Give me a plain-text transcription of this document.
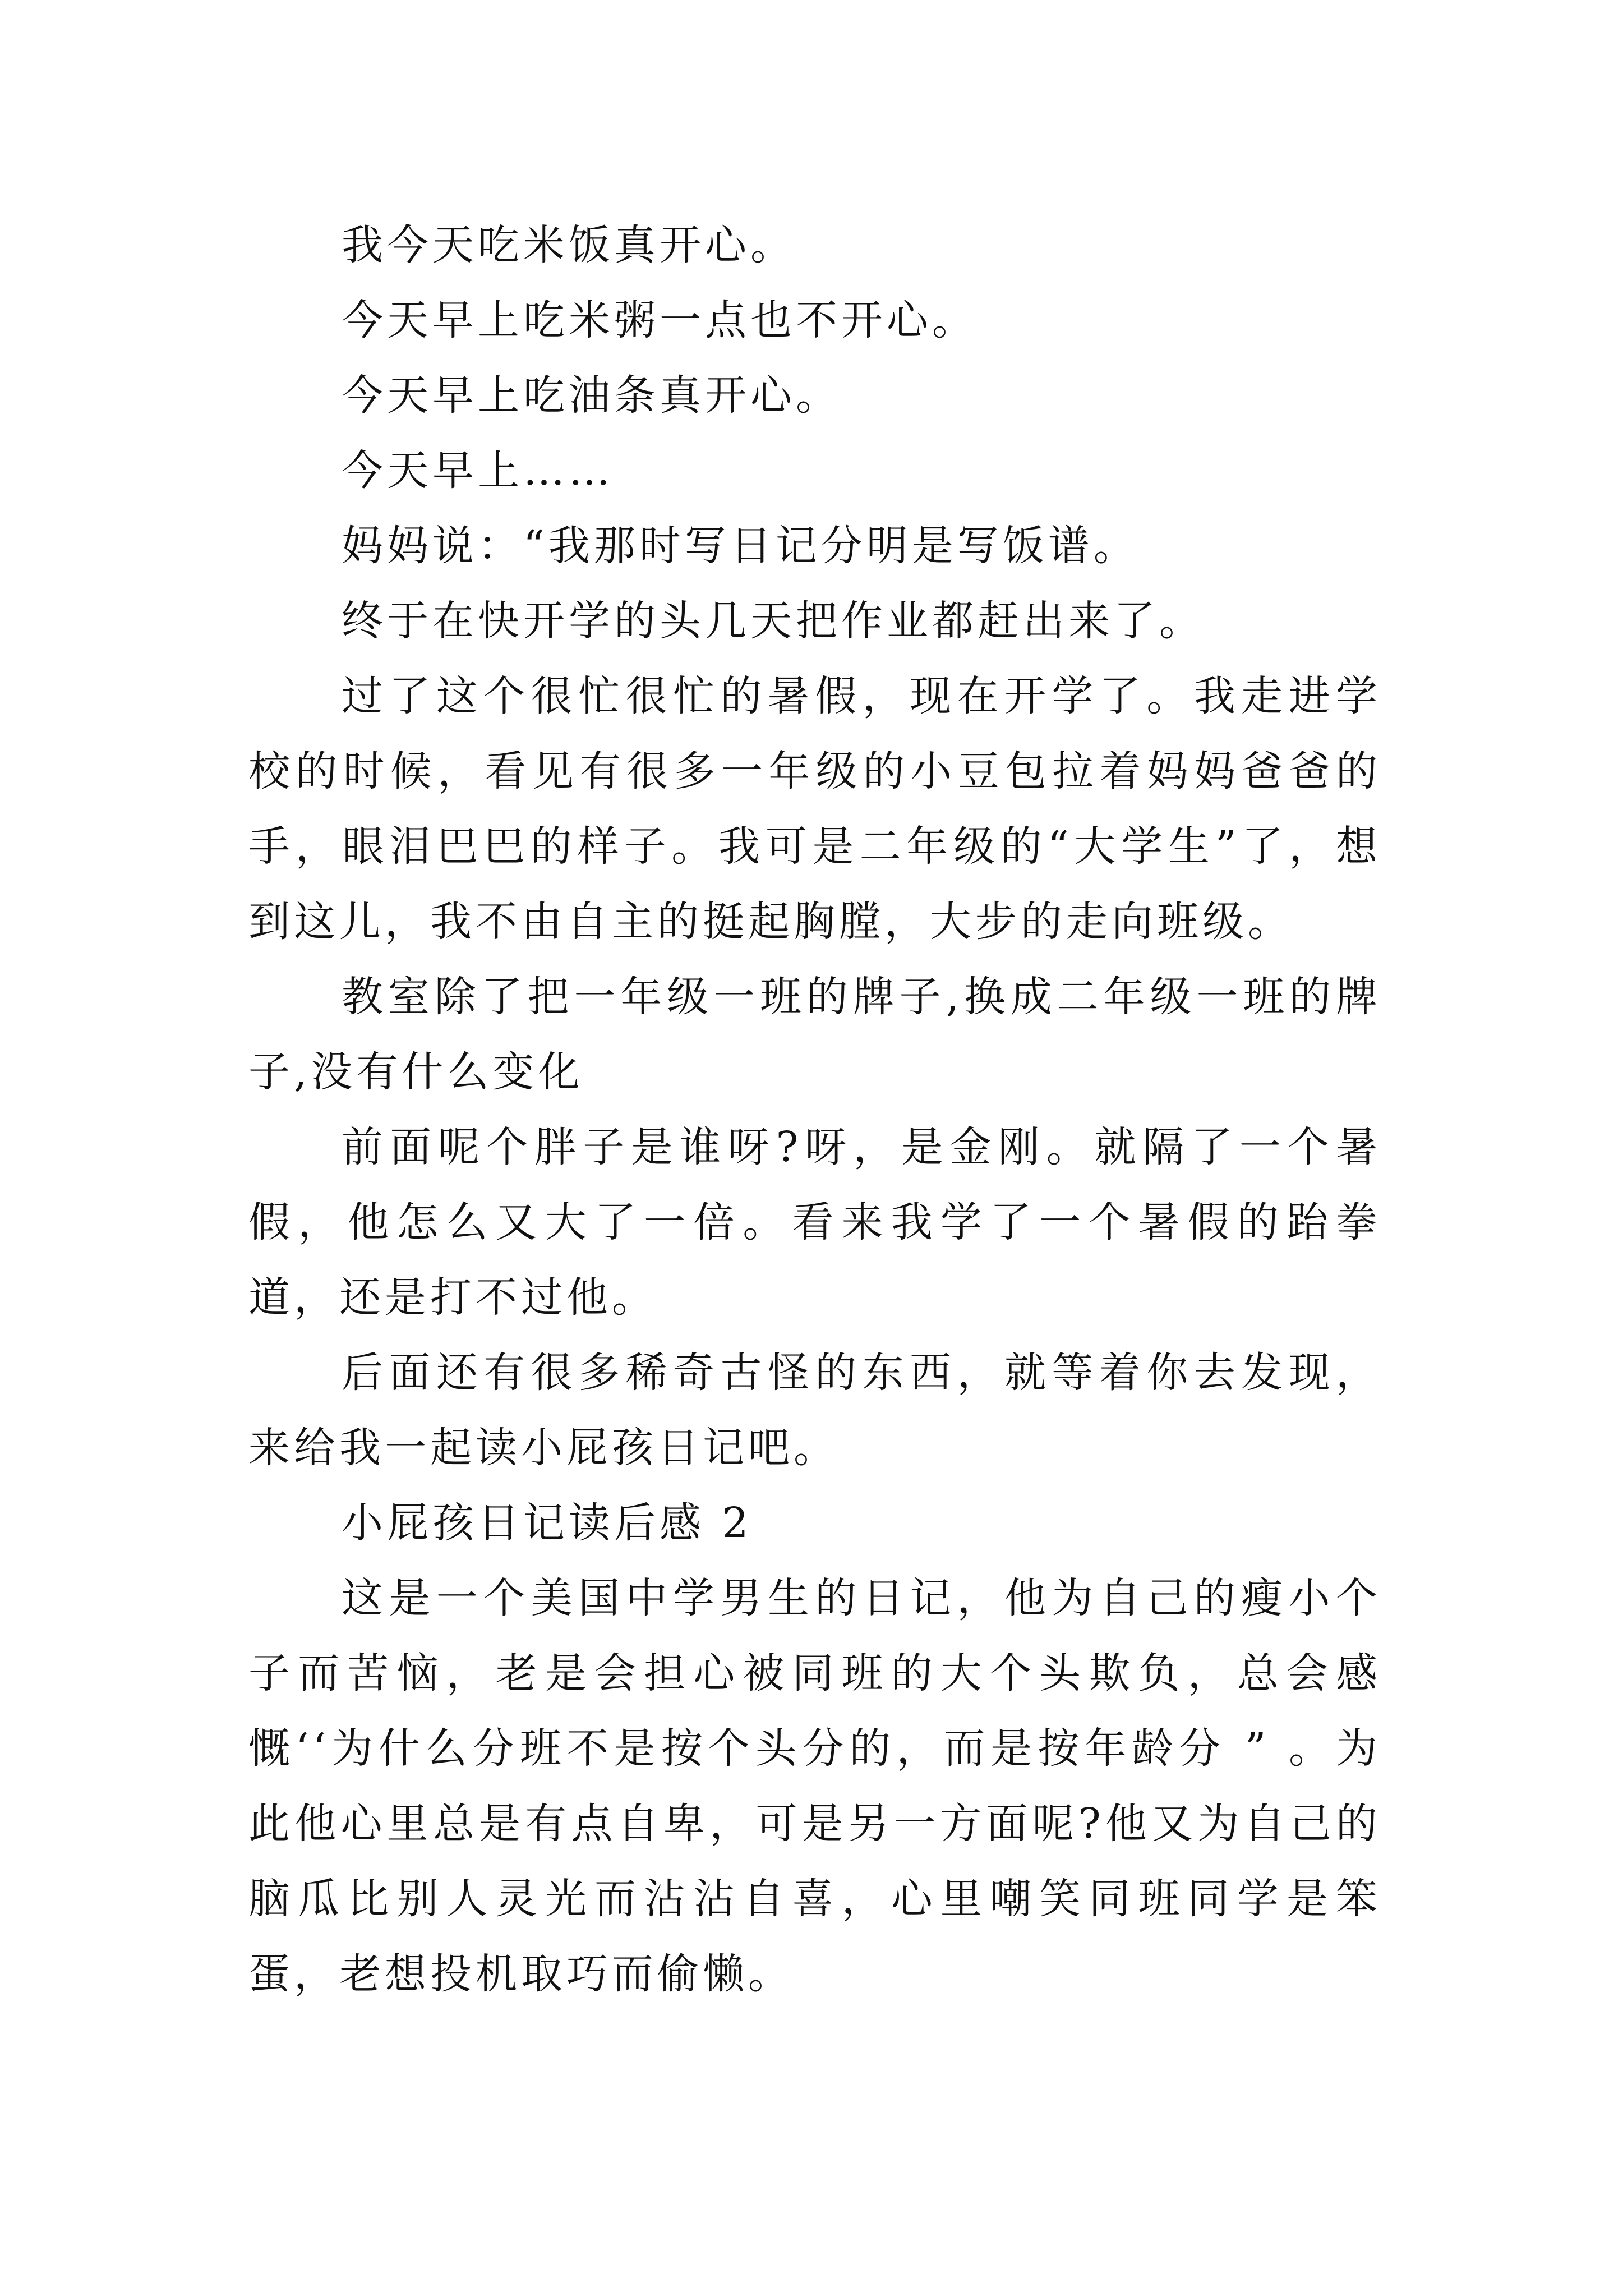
我今天吃米饭真开心。

今天早上吃米粥一点也不开心。

今天早上吃油条真开心。

今天早上……

妈妈说：“我那时写日记分明是写饭谱。

终于在快开学的头几天把作业都赶出来了。

过了这个很忙很忙的暑假，现在开学了。我走进学校的时候，看见有很多一年级的小豆包拉着妈妈爸爸的手，眼泪巴巴的样子。我可是二年级的“大学生”了，想到这儿，我不由自主的挺起胸膛，大步的走向班级。

教室除了把一年级一班的牌子,换成二年级一班的牌子,没有什么变化

前面呢个胖子是谁呀?呀，是金刚。就隔了一个暑假，他怎么又大了一倍。看来我学了一个暑假的跆拳道，还是打不过他。

后面还有很多稀奇古怪的东西，就等着你去发现，来给我一起读小屁孩日记吧。

小屁孩日记读后感 2

这是一个美国中学男生的日记，他为自己的瘦小个子而苦恼，老是会担心被同班的大个头欺负，总会感慨‘‘为什么分班不是按个头分的，而是按年龄分 ” 。为此他心里总是有点自卑，可是另一方面呢?他又为自己的脑瓜比别人灵光而沾沾自喜，心里嘲笑同班同学是笨蛋，老想投机取巧而偷懒。
